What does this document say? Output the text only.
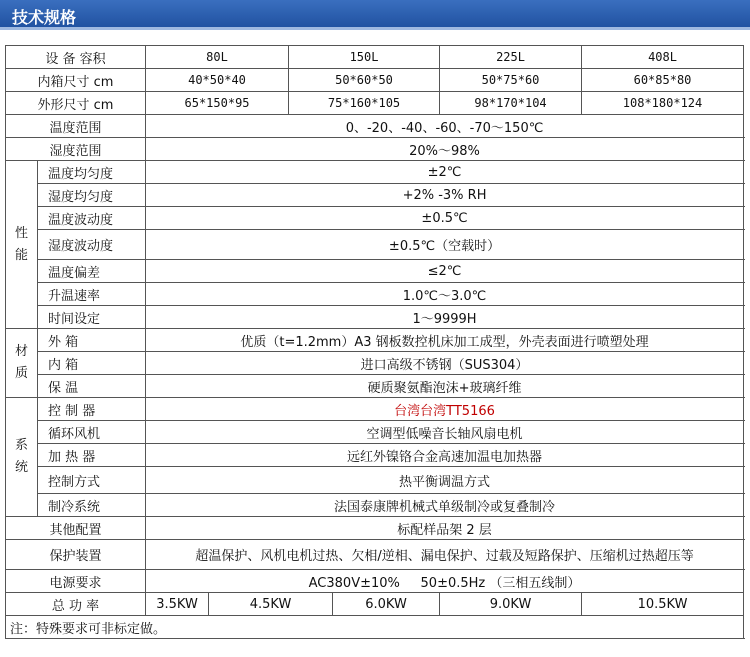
技术规格
设 备 容积		80L		150L		225L	408L	
内箱尺寸 cm		40*50*40		50*60*50		50*75*60	60*85*80	
外形尺寸 cm		65*150*95		75*160*105		98*170*104	108*180*124	
温度范围		0、-20、-40、-60、-70～150℃						
湿度范围		20%～98%						
性能	温度均匀度	±2℃						
	湿度均匀度	+2% -3% RH						
	温度波动度	±0.5℃						
	湿度波动度	±0.5℃（空载时）						
	温度偏差	≤2℃						
	升温速率	1.0℃～3.0℃						
	时间设定	1～9999H						
材质	外 箱	优质（t=1.2mm）A3 钢板数控机床加工成型，外壳表面进行喷塑处理						
	内 箱	进口高级不锈钢（SUS304）						
	保 温	硬质聚氨酯泡沫+玻璃纤维						
系统	控 制 器	台湾台湾TT5166						
	循环风机	空调型低噪音长轴风扇电机						
	加 热 器	远红外镍铬合金高速加温电加热器						
	控制方式	热平衡调温方式						
	制冷系统	法国泰康牌机械式单级制冷或复叠制冷						
其他配置		标配样品架 2 层						
保护装置		超温保护、风机电机过热、欠相/逆相、漏电保护、过载及短路保护、压缩机过热超压等						
电源要求		AC380V±10%     50±0.5Hz （三相五线制）						
总 功 率		3.5KW	4.5KW		6.0KW	9.0KW	10.5KW	
注：特殊要求可非标定做。								
